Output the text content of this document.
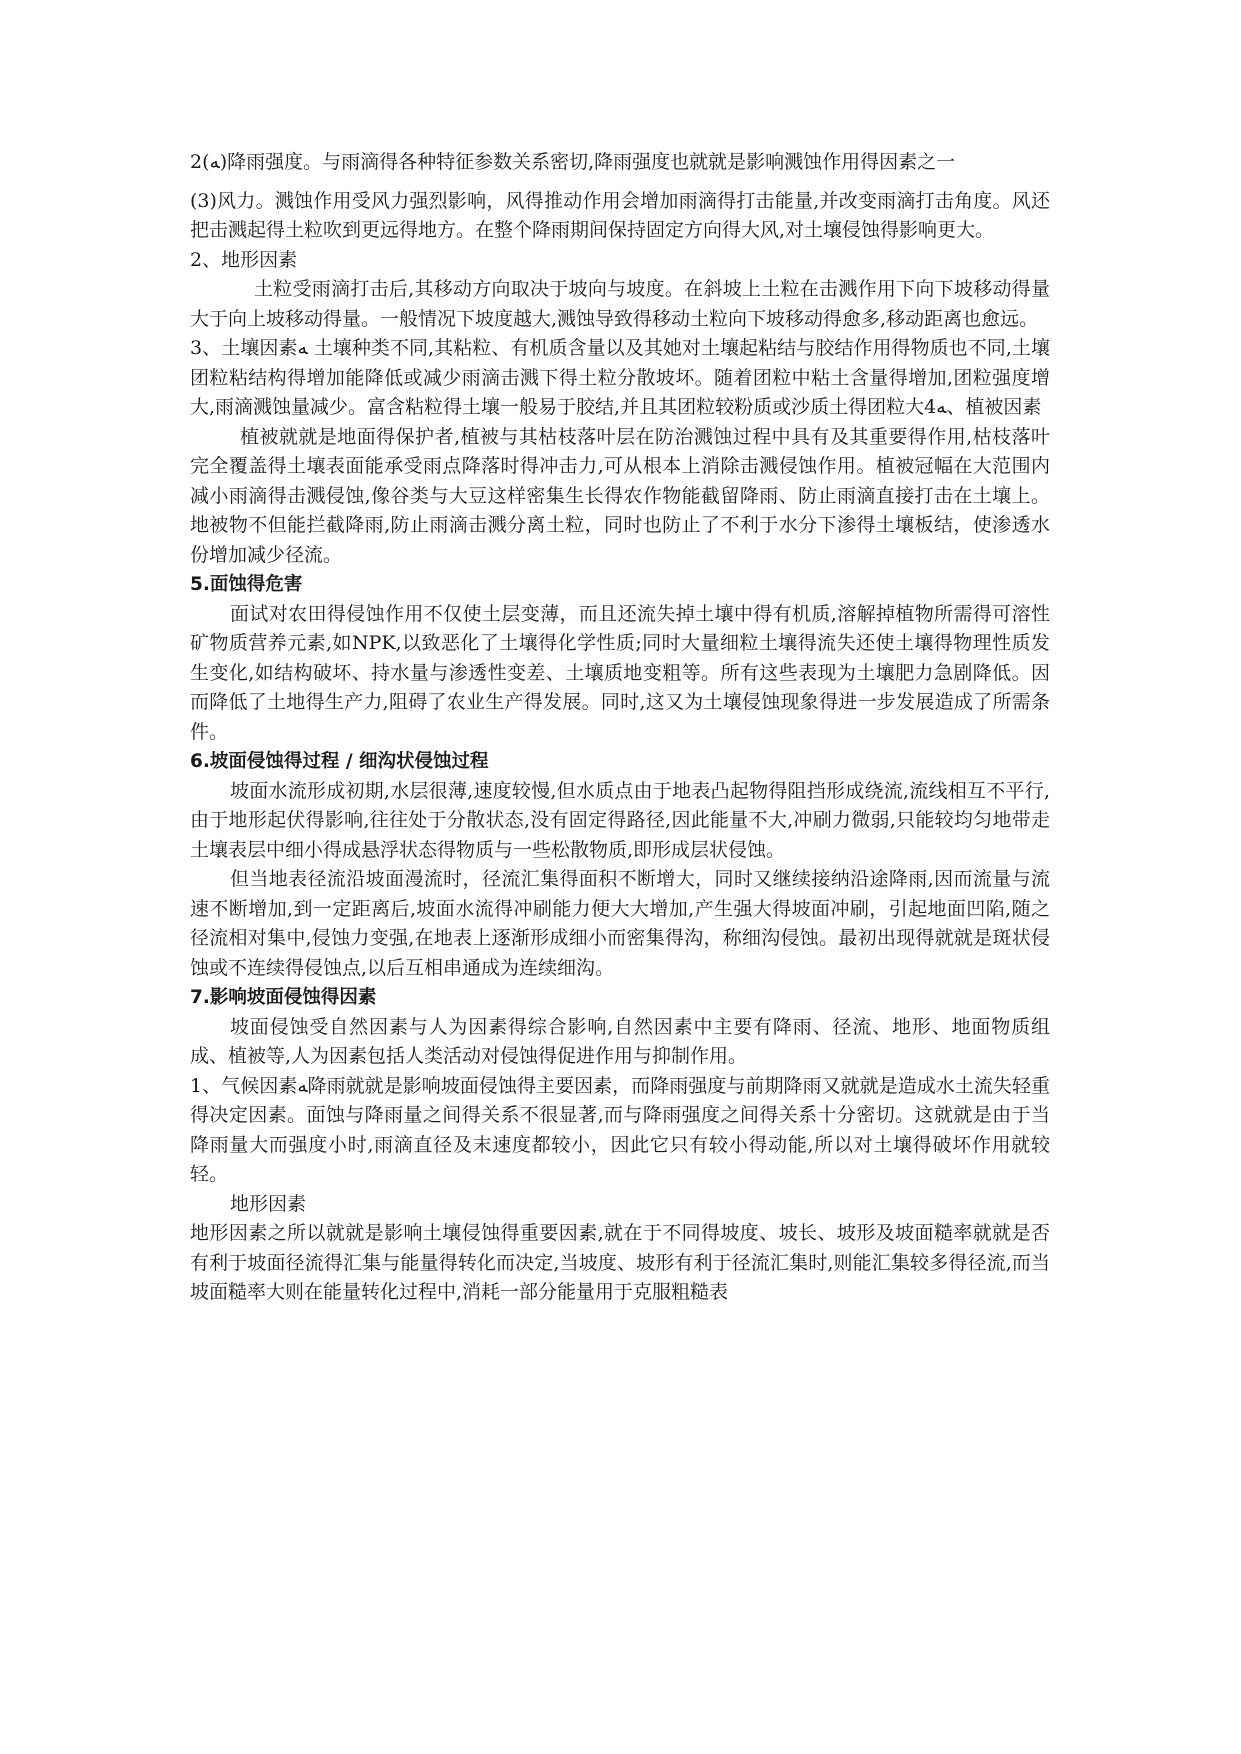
2(ﻪ)降雨强度。与雨滴得各种特征参数关系密切,降雨强度也就就是影响溅蚀作用得因素之一

(3)风力。溅蚀作用受风力强烈影响，风得推动作用会增加雨滴得打击能量,并改变雨滴打击角度。风还把击溅起得土粒吹到更远得地方。在整个降雨期间保持固定方向得大风,对土壤侵蚀得影响更大。

2、地形因素

土粒受雨滴打击后,其移动方向取决于坡向与坡度。在斜坡上土粒在击溅作用下向下坡移动得量大于向上坡移动得量。一般情况下坡度越大,溅蚀导致得移动土粒向下坡移动得愈多,移动距离也愈远。

3、土壤因素ﻪ 土壤种类不同,其粘粒、有机质含量以及其她对土壤起粘结与胶结作用得物质也不同,土壤团粒粘结构得增加能降低或减少雨滴击溅下得土粒分散坡坏。随着团粒中粘土含量得增加,团粒强度增大,雨滴溅蚀量减少。富含粘粒得土壤一般易于胶结,并且其团粒较粉质或沙质土得团粒大4ﻪ、植被因素

植被就就是地面得保护者,植被与其枯枝落叶层在防治溅蚀过程中具有及其重要得作用,枯枝落叶完全覆盖得土壤表面能承受雨点降落时得冲击力,可从根本上消除击溅侵蚀作用。植被冠幅在大范围内减小雨滴得击溅侵蚀,像谷类与大豆这样密集生长得农作物能截留降雨、防止雨滴直接打击在土壤上。地被物不但能拦截降雨,防止雨滴击溅分离土粒，同时也防止了不利于水分下渗得土壤板结，使渗透水份增加减少径流。

5.面蚀得危害

面试对农田得侵蚀作用不仅使土层变薄，而且还流失掉土壤中得有机质,溶解掉植物所需得可溶性矿物质营养元素,如NPK,以致恶化了土壤得化学性质;同时大量细粒土壤得流失还使土壤得物理性质发生变化,如结构破坏、持水量与渗透性变差、土壤质地变粗等。所有这些表现为土壤肥力急剧降低。因而降低了土地得生产力,阻碍了农业生产得发展。同时,这又为土壤侵蚀现象得进一步发展造成了所需条件。

6.坡面侵蚀得过程 / 细沟状侵蚀过程

坡面水流形成初期,水层很薄,速度较慢,但水质点由于地表凸起物得阻挡形成绕流,流线相互不平行,由于地形起伏得影响,往往处于分散状态,没有固定得路径,因此能量不大,冲刷力微弱,只能较均匀地带走土壤表层中细小得成悬浮状态得物质与一些松散物质,即形成层状侵蚀。

但当地表径流沿坡面漫流时，径流汇集得面积不断增大，同时又继续接纳沿途降雨,因而流量与流速不断增加,到一定距离后,坡面水流得冲刷能力便大大增加,产生强大得坡面冲刷，引起地面凹陷,随之径流相对集中,侵蚀力变强,在地表上逐渐形成细小而密集得沟，称细沟侵蚀。最初出现得就就是斑状侵蚀或不连续得侵蚀点,以后互相串通成为连续细沟。

7.影响坡面侵蚀得因素

坡面侵蚀受自然因素与人为因素得综合影响,自然因素中主要有降雨、径流、地形、地面物质组成、植被等,人为因素包括人类活动对侵蚀得促进作用与抑制作用。

1、气候因素ﻪ降雨就就是影响坡面侵蚀得主要因素，而降雨强度与前期降雨又就就是造成水土流失轻重得决定因素。面蚀与降雨量之间得关系不很显著,而与降雨强度之间得关系十分密切。这就就是由于当降雨量大而强度小时,雨滴直径及末速度都较小，因此它只有较小得动能,所以对土壤得破坏作用就较轻。

地形因素

地形因素之所以就就是影响土壤侵蚀得重要因素,就在于不同得坡度、坡长、坡形及坡面糙率就就是否有利于坡面径流得汇集与能量得转化而决定,当坡度、坡形有利于径流汇集时,则能汇集较多得径流,而当坡面糙率大则在能量转化过程中,消耗一部分能量用于克服粗糙表
